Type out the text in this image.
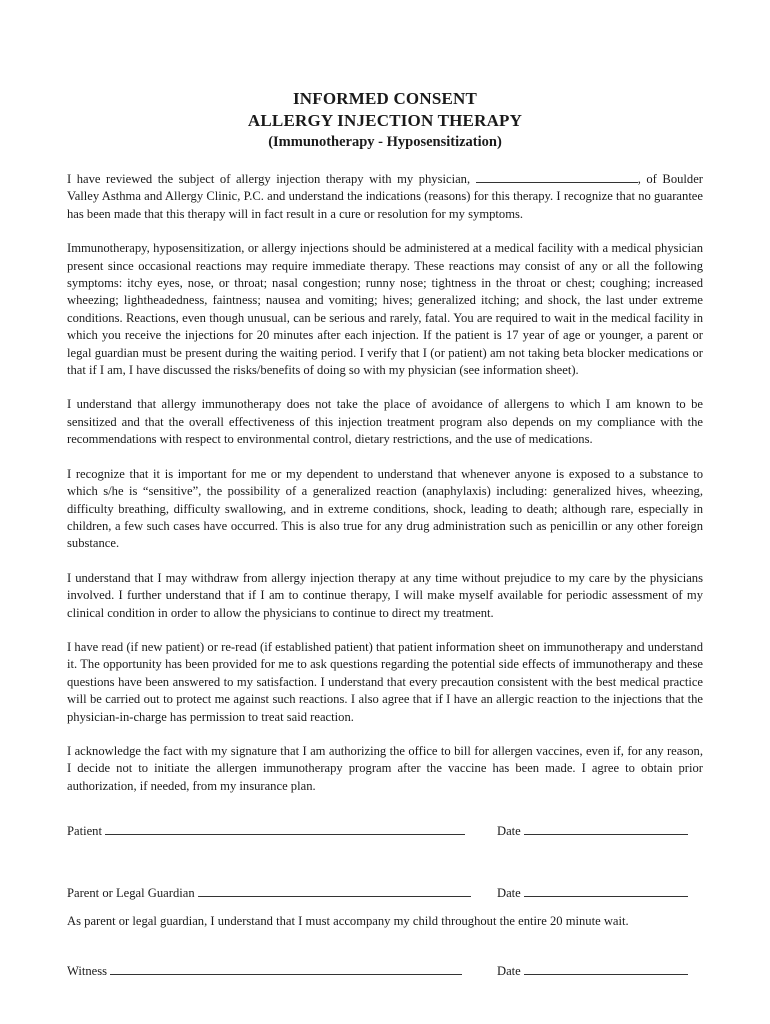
INFORMED CONSENT
ALLERGY INJECTION THERAPY
(Immunotherapy - Hyposensitization)

I have reviewed the subject of allergy injection therapy with my physician,	, of Boulder Valley Asthma and Allergy Clinic, P.C. and understand the indications (reasons) for this therapy. I recognize that no guarantee has been made that this therapy will in fact result in a cure or resolution for my symptoms.

Immunotherapy, hyposensitization, or allergy injections should be administered at a medical facility with a medical physician present since occasional reactions may require immediate therapy. These reactions may consist of any or all the following symptoms: itchy eyes, nose, or throat; nasal congestion; runny nose; tightness in the throat or chest; coughing; increased wheezing; lightheadedness, faintness; nausea and vomiting; hives; generalized itching; and shock, the last under extreme conditions. Reactions, even though unusual, can be serious and rarely, fatal. You are required to wait in the medical facility in which you receive the injections for 20 minutes after each injection. If the patient is 17 year of age or younger, a parent or legal guardian must be present during the waiting period. I verify that I (or patient) am not taking beta blocker medications or that if I am, I have discussed the risks/benefits of doing so with my physician (see information sheet).

I understand that allergy immunotherapy does not take the place of avoidance of allergens to which I am known to be sensitized and that the overall effectiveness of this injection treatment program also depends on my compliance with the recommendations with respect to environmental control, dietary restrictions, and the use of medications.

I recognize that it is important for me or my dependent to understand that whenever anyone is exposed to a substance to which s/he is “sensitive”, the possibility of a generalized reaction (anaphylaxis) including: generalized hives, wheezing, difficulty breathing, difficulty swallowing, and in extreme conditions, shock, leading to death; although rare, especially in children, a few such cases have occurred. This is also true for any drug administration such as penicillin or any other foreign substance.

I understand that I may withdraw from allergy injection therapy at any time without prejudice to my care by the physicians involved. I further understand that if I am to continue therapy, I will make myself available for periodic assessment of my clinical condition in order to allow the physicians to continue to direct my treatment.

I have read (if new patient) or re-read (if established patient) that patient information sheet on immunotherapy and understand it. The opportunity has been provided for me to ask questions regarding the potential side effects of immunotherapy and these questions have been answered to my satisfaction. I understand that every precaution consistent with the best medical practice will be carried out to protect me against such reactions. I also agree that if I have an allergic reaction to the injections that the physician-in-charge has permission to treat said reaction.

I acknowledge the fact with my signature that I am authorizing the office to bill for allergen vaccines, even if, for any reason, I decide not to initiate the allergen immunotherapy program after the vaccine has been made. I agree to obtain prior authorization, if needed, from my insurance plan.

Patient	Date
Parent or Legal Guardian	Date
As parent or legal guardian, I understand that I must accompany my child throughout the entire 20 minute wait.
Witness	Date
